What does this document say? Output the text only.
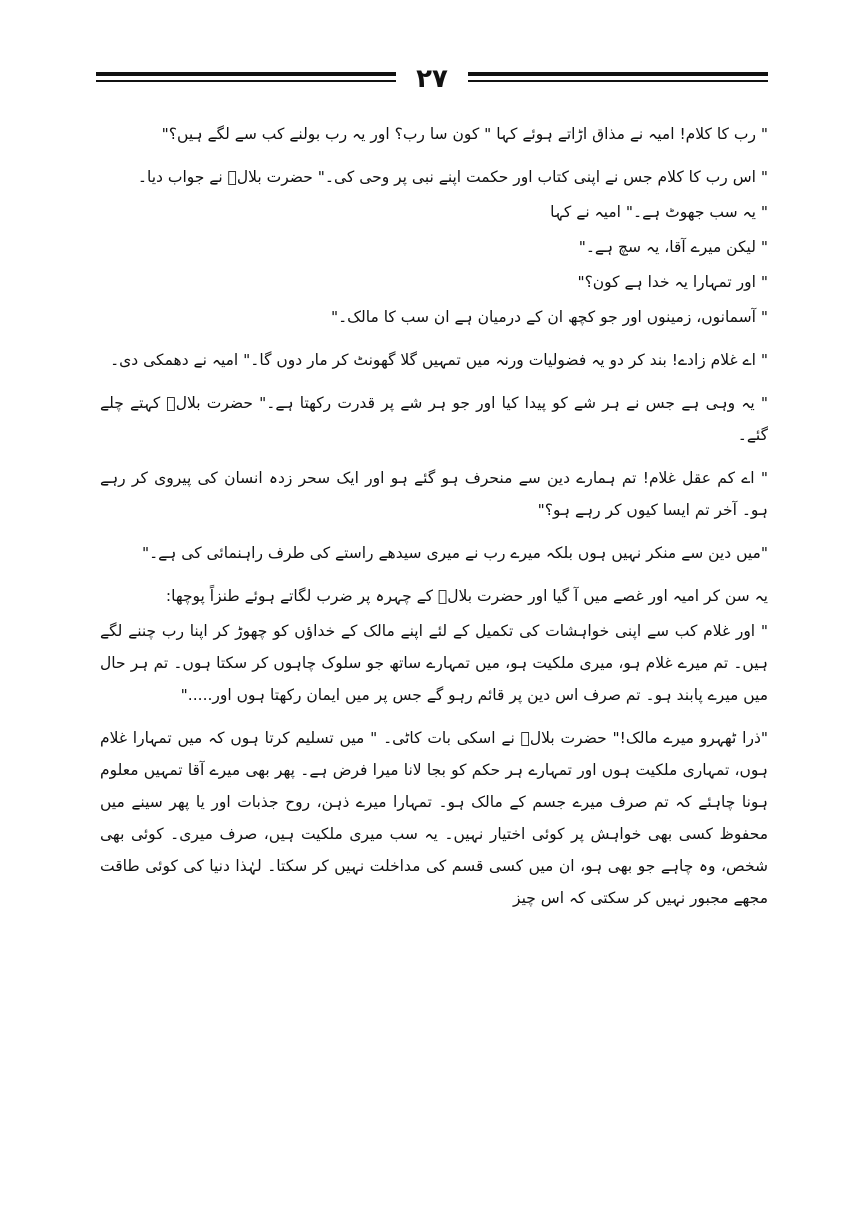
۲۷

" رب کا کلام! امیہ نے مذاق اڑاتے ہوئے کہا " کون سا رب؟ اور یہ رب بولنے کب سے لگے ہیں؟"

" اس رب کا کلام جس نے اپنی کتاب اور حکمت اپنے نبی پر وحی کی۔" حضرت بلالؓ نے جواب دیا۔

" یہ سب جھوٹ ہے۔" امیہ نے کہا

" لیکن میرے آقا، یہ سچ ہے۔"

" اور تمہارا یہ خدا ہے کون؟"

" آسمانوں، زمینوں اور جو کچھ ان کے درمیان ہے ان سب کا مالک۔"

" اے غلام زادے! بند کر دو یہ فضولیات ورنہ میں تمہیں گلا گھونٹ کر مار دوں گا۔" امیہ نے دھمکی دی۔

" یہ وہی ہے جس نے ہر شے کو پیدا کیا اور جو ہر شے پر قدرت رکھتا ہے۔" حضرت بلالؓ کہتے چلے گئے۔

" اے کم عقل غلام! تم ہمارے دین سے منحرف ہو گئے ہو اور ایک سحر زدہ انسان کی پیروی کر رہے ہو۔ آخر تم ایسا کیوں کر رہے ہو؟"

"میں دین سے منکر نہیں ہوں بلکہ میرے رب نے میری سیدھے راستے کی طرف راہنمائی کی ہے۔"

یہ سن کر امیہ اور غصے میں آ گیا اور حضرت بلالؓ کے چہرہ پر ضرب لگاتے ہوئے طنزاً پوچھا:

" اور غلام کب سے اپنی خواہشات کی تکمیل کے لئے اپنے مالک کے خداؤں کو چھوڑ کر اپنا رب چننے لگے ہیں۔ تم میرے غلام ہو، میری ملکیت ہو، میں تمہارے ساتھ جو سلوک چاہوں کر سکتا ہوں۔ تم ہر حال میں میرے پابند ہو۔ تم صرف اس دین پر قائم رہو گے جس پر میں ایمان رکھتا ہوں اور....."

"ذرا ٹھہرو میرے مالک!" حضرت بلالؓ نے اسکی بات کاٹی۔ " میں تسلیم کرتا ہوں کہ میں تمہارا غلام ہوں، تمہاری ملکیت ہوں اور تمہارے ہر حکم کو بجا لانا میرا فرض ہے۔ پھر بھی میرے آقا تمہیں معلوم ہونا چاہئے کہ تم صرف میرے جسم کے مالک ہو۔ تمہارا میرے ذہن، روح جذبات اور یا پھر سینے میں محفوظ کسی بھی خواہش پر کوئی اختیار نہیں۔ یہ سب میری ملکیت ہیں، صرف میری۔ کوئی بھی شخص، وہ چاہے جو بھی ہو، ان میں کسی قسم کی مداخلت نہیں کر سکتا۔ لہٰذا دنیا کی کوئی طاقت مجھے مجبور نہیں کر سکتی کہ اس چیز
